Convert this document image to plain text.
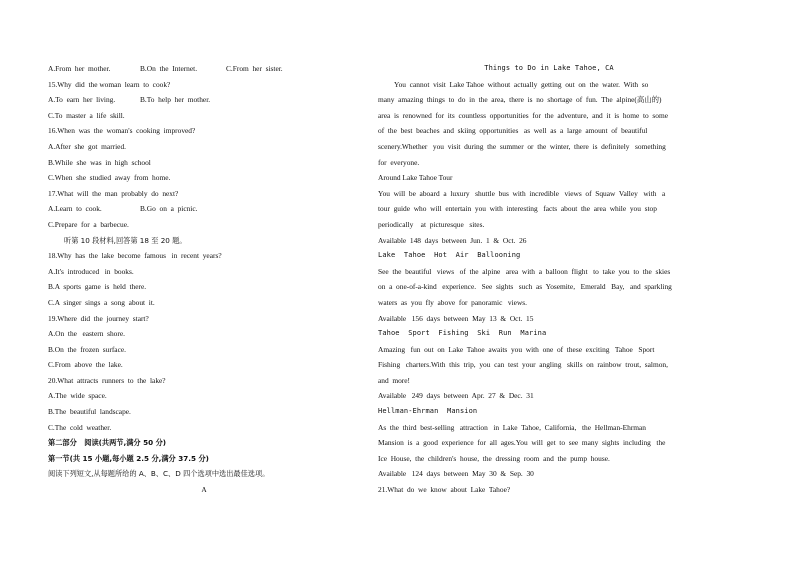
A.From  her  mother.	B.On  the  Internet.	C.From  her  sister.
15.Why  did  the woman  learn  to  cook?
A.To  earn  her  living.	B.To  help  her  mother.
C.To  master  a  life  skill.
16.When  was  the  woman's  cooking  improved?
A.After  she  got  married.
B.While  she  was  in  high  school
C.When  she  studied  away  from  home.
17.What  will  the  man  probably  do  next?
A.Learn  to  cook.	B.Go  on  a  picnic.
C.Prepare  for  a  barbecue.
听第 10 段材料,回答第 18 至 20 题。
18.Why  has  the  lake  become  famous   in  recent  years?
A.It's  introduced   in  books.
B.A  sports  game  is  held  there.
C.A  singer  sings  a  song  about  it.
19.Where  did  the  journey  start?
A.On  the   eastern  shore.
B.On  the  frozen  surface.
C.From  above  the  lake.
20.What  attracts  runners  to  the  lake?
A.The  wide  space.
B.The  beautiful  landscape.
C.The  cold  weather.
第二部分   阅读(共两节,满分 50 分)
第一节(共 15 小题,每小题 2.5 分,满分 37.5 分)
阅读下列短文,从每题所给的 A、B、C、D 四个选项中选出最佳选项。
A
Things to Do in Lake Tahoe, CA
You  cannot  visit  Lake Tahoe  without  actually  getting  out  on  the  water.  With  so
many  amazing  things  to  do  in  the  area,  there  is  no  shortage  of  fun.  The  alpine(高山的)
area  is  renowned  for  its  countless  opportunities  for  the  adventure,  and  it  is  home  to  some
of  the  best  beaches  and  skiing  opportunities   as  well  as  a  large  amount  of  beautiful
scenery.Whether   you  visit  during  the  summer  or  the  winter,  there  is  definitely   something
for  everyone.
Around Lake Tahoe Tour
You  will  be  aboard  a  luxury   shuttle  bus  with  incredible   views  of  Squaw  Valley   with   a
tour  guide  who  will  entertain  you  with  interesting   facts  about  the  area  while  you  stop
periodically    at  picturesque   sites.
Available  148  days  between  Jun.  1  &  Oct.  26
Lake  Tahoe  Hot  Air  Ballooning
See  the  beautiful   views   of  the  alpine   area  with  a  balloon  flight   to  take  you  to  the  skies
on  a  one-of-a-kind   experience.   See  sights   such  as  Yosemite,   Emerald   Bay,   and  sparkling
waters  as  you  fly  above  for  panoramic   views.
Available   156  days  between  May  13  &  Oct.  15
Tahoe  Sport  Fishing  Ski  Run  Marina
Amazing   fun  out  on  Lake  Tahoe  awaits  you  with  one  of  these  exciting   Tahoe   Sport
Fishing   charters.With  this  trip,  you  can  test  your  angling   skills  on  rainbow  trout,  salmon,
and  more!
Available   249  days  between  Apr.  27  &  Dec.  31
Hellman-Ehrman  Mansion
As  the  third  best-selling   attraction   in  Lake  Tahoe,  California,   the  Hellman-Ehrman
Mansion  is  a  good  experience  for  all  ages.You  will  get  to  see  many  sights  including   the
Ice  House,  the  children's  house,  the  dressing  room  and  the  pump  house.
Available   124  days  between  May  30  &  Sep.  30
21.What  do  we  know  about  Lake  Tahoe?
